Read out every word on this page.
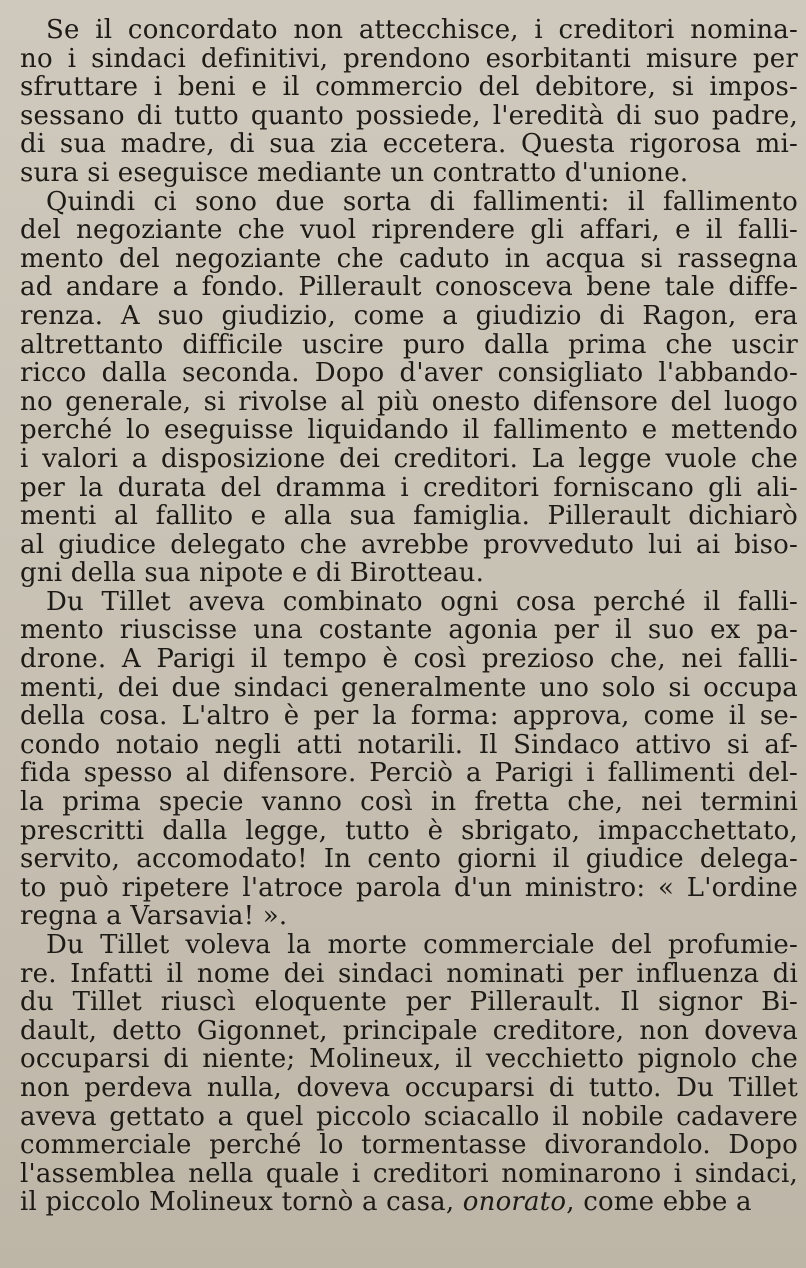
Se il concordato non attecchisce, i creditori nomina-
no i sindaci definitivi, prendono esorbitanti misure per
sfruttare i beni e il commercio del debitore, si impos-
sessano di tutto quanto possiede, l'eredità di suo padre,
di sua madre, di sua zia eccetera. Questa rigorosa mi-
sura si eseguisce mediante un contratto d'unione.
Quindi ci sono due sorta di fallimenti: il fallimento
del negoziante che vuol riprendere gli affari, e il falli-
mento del negoziante che caduto in acqua si rassegna
ad andare a fondo. Pillerault conosceva bene tale diffe-
renza. A suo giudizio, come a giudizio di Ragon, era
altrettanto difficile uscire puro dalla prima che uscir
ricco dalla seconda. Dopo d'aver consigliato l'abbando-
no generale, si rivolse al più onesto difensore del luogo
perché lo eseguisse liquidando il fallimento e mettendo
i valori a disposizione dei creditori. La legge vuole che
per la durata del dramma i creditori forniscano gli ali-
menti al fallito e alla sua famiglia. Pillerault dichiarò
al giudice delegato che avrebbe provveduto lui ai biso-
gni della sua nipote e di Birotteau.
Du Tillet aveva combinato ogni cosa perché il falli-
mento riuscisse una costante agonia per il suo ex pa-
drone. A Parigi il tempo è così prezioso che, nei falli-
menti, dei due sindaci generalmente uno solo si occupa
della cosa. L'altro è per la forma: approva, come il se-
condo notaio negli atti notarili. Il Sindaco attivo si af-
fida spesso al difensore. Perciò a Parigi i fallimenti del-
la prima specie vanno così in fretta che, nei termini
prescritti dalla legge, tutto è sbrigato, impacchettato,
servito, accomodato! In cento giorni il giudice delega-
to può ripetere l'atroce parola d'un ministro: « L'ordine
regna a Varsavia! ».
Du Tillet voleva la morte commerciale del profumie-
re. Infatti il nome dei sindaci nominati per influenza di
du Tillet riuscì eloquente per Pillerault. Il signor Bi-
dault, detto Gigonnet, principale creditore, non doveva
occuparsi di niente; Molineux, il vecchietto pignolo che
non perdeva nulla, doveva occuparsi di tutto. Du Tillet
aveva gettato a quel piccolo sciacallo il nobile cadavere
commerciale perché lo tormentasse divorandolo. Dopo
l'assemblea nella quale i creditori nominarono i sindaci,
il piccolo Molineux tornò a casa, onorato, come ebbe a
